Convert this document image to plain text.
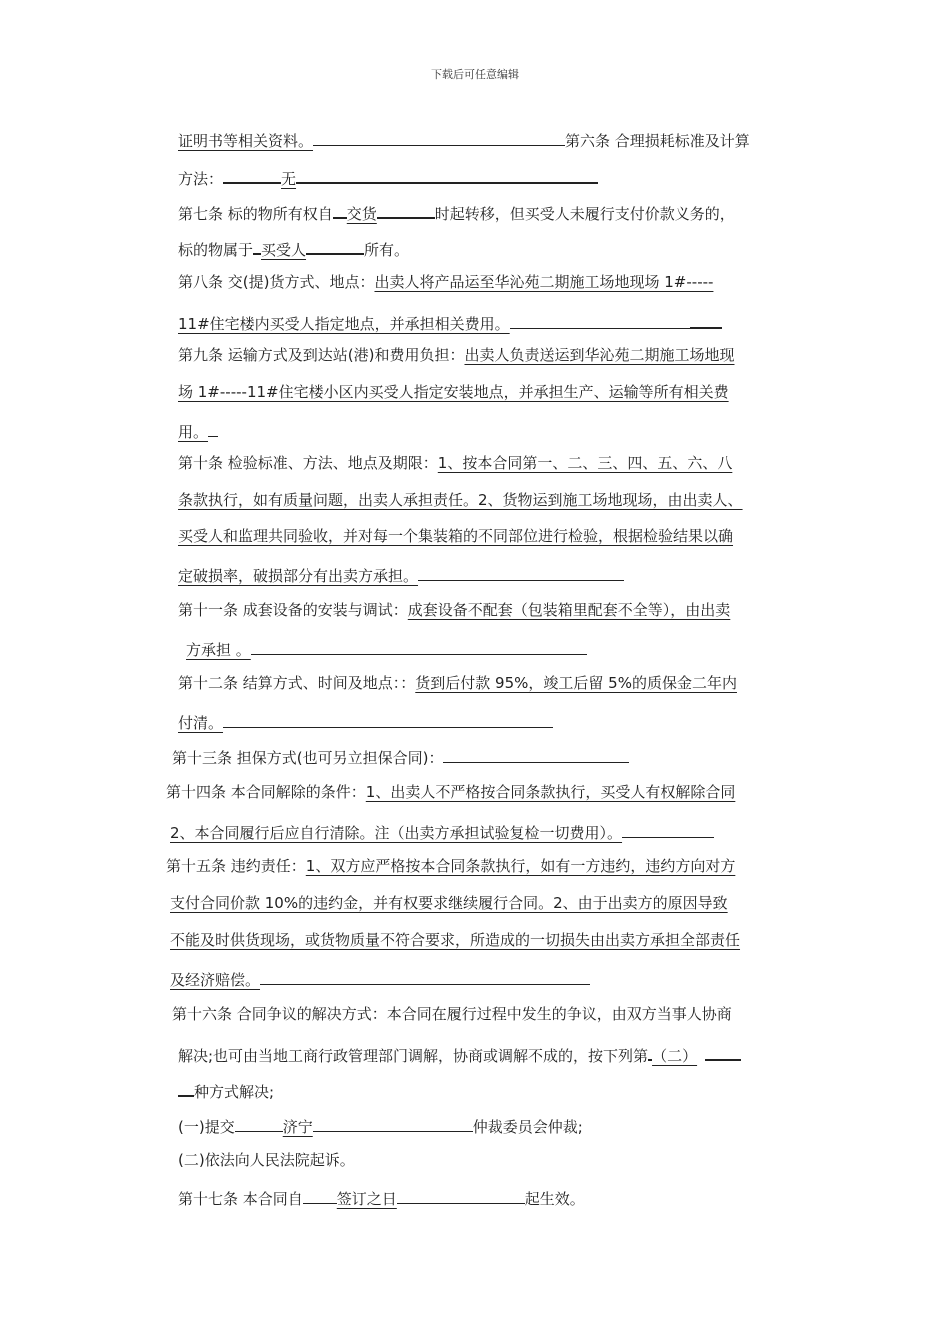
下载后可任意编辑
证明书等相关资料。	第六条 合理损耗标准及计算
方法：	无
第七条 标的物所有权自 交货	时起转移，但买受人未履行支付价款义务的，
标的物属于 买受人	所有。
第八条 交(提)货方式、地点：出卖人将产品运至华沁苑二期施工场地现场 1#-----
11#住宅楼内买受人指定地点，并承担相关费用。
第九条 运输方式及到达站(港)和费用负担：出卖人负责送运到华沁苑二期施工场地现
场 1#-----11#住宅楼小区内买受人指定安装地点，并承担生产、运输等所有相关费
用。
第十条 检验标准、方法、地点及期限：1、按本合同第一、二、三、四、五、六、八
条款执行，如有质量问题，出卖人承担责任。2、货物运到施工场地现场，由出卖人、
买受人和监理共同验收，并对每一个集装箱的不同部位进行检验，根据检验结果以确
定破损率，破损部分有出卖方承担。
第十一条 成套设备的安装与调试：成套设备不配套（包装箱里配套不全等），由出卖
方承担 。
第十二条 结算方式、时间及地点：：货到后付款 95%，竣工后留 5%的质保金二年内
付清。
第十三条 担保方式(也可另立担保合同)：
第十四条 本合同解除的条件：1、出卖人不严格按合同条款执行，买受人有权解除合同
2、本合同履行后应自行清除。注（出卖方承担试验复检一切费用）。
第十五条 违约责任：1、双方应严格按本合同条款执行，如有一方违约，违约方向对方
支付合同价款 10%的违约金，并有权要求继续履行合同。2、由于出卖方的原因导致
不能及时供货现场，或货物质量不符合要求，所造成的一切损失由出卖方承担全部责任
及经济赔偿。
第十六条 合同争议的解决方式：本合同在履行过程中发生的争议，由双方当事人协商
解决;也可由当地工商行政管理部门调解，协商或调解不成的，按下列第 （二）
种方式解决;
(一)提交	济宁	仲裁委员会仲裁;
(二)依法向人民法院起诉。
第十七条 本合同自 签订之日	起生效。
